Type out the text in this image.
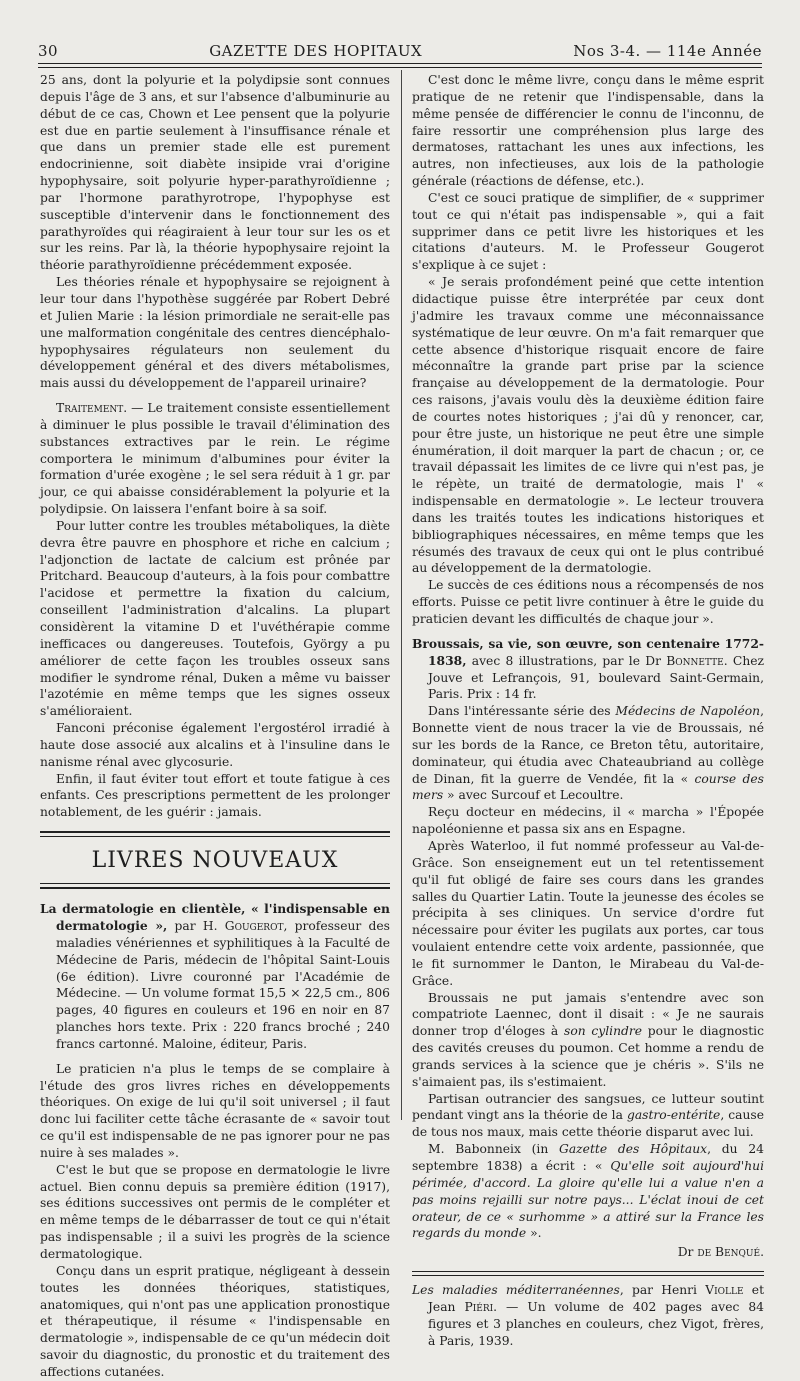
30	GAZETTE DES HOPITAUX	Nos 3-4. — 114e Année

25 ans, dont la polyurie et la polydipsie sont connues depuis l'âge de 3 ans, et sur l'absence d'albuminurie au début de ce cas, Chown et Lee pensent que la polyurie est due en partie seulement à l'insuffisance rénale et que dans un premier stade elle est purement endocrinienne, soit diabète insipide vrai d'origine hypophysaire, soit polyurie hyper-parathyroïdienne ; par l'hormone parathyrotrope, l'hypophyse est susceptible d'intervenir dans le fonctionnement des parathyroïdes qui réagiraient à leur tour sur les os et sur les reins. Par là, la théorie hypophysaire rejoint la théorie parathyroïdienne précédemment exposée.

Les théories rénale et hypophysaire se rejoignent à leur tour dans l'hypothèse suggérée par Robert Debré et Julien Marie : la lésion primordiale ne serait-elle pas une malformation congénitale des centres diencéphalo-hypophysaires régulateurs non seulement du développement général et des divers métabolismes, mais aussi du développement de l'appareil urinaire?

Traitement. — Le traitement consiste essentiellement à diminuer le plus possible le travail d'élimination des substances extractives par le rein. Le régime comportera le minimum d'albumines pour éviter la formation d'urée exogène ; le sel sera réduit à 1 gr. par jour, ce qui abaisse considérablement la polyurie et la polydipsie. On laissera l'enfant boire à sa soif.

Pour lutter contre les troubles métaboliques, la diète devra être pauvre en phosphore et riche en calcium ; l'adjonction de lactate de calcium est prônée par Pritchard. Beaucoup d'auteurs, à la fois pour combattre l'acidose et permettre la fixation du calcium, conseillent l'administration d'alcalins. La plupart considèrent la vitamine D et l'uvéthérapie comme inefficaces ou dangereuses. Toutefois, György a pu améliorer de cette façon les troubles osseux sans modifier le syndrome rénal, Duken a même vu baisser l'azotémie en même temps que les signes osseux s'amélioraient.

Fanconi préconise également l'ergostérol irradié à haute dose associé aux alcalins et à l'insuline dans le nanisme rénal avec glycosurie.

Enfin, il faut éviter tout effort et toute fatigue à ces enfants. Ces prescriptions permettent de les prolonger notablement, de les guérir : jamais.

LIVRES NOUVEAUX

La dermatologie en clientèle, « l'indispensable en dermatologie », par H. Gougerot, professeur des maladies vénériennes et syphilitiques à la Faculté de Médecine de Paris, médecin de l'hôpital Saint-Louis (6e édition). Livre couronné par l'Académie de Médecine. — Un volume format 15,5 × 22,5 cm., 806 pages, 40 figures en couleurs et 196 en noir en 87 planches hors texte. Prix : 220 francs broché ; 240 francs cartonné. Maloine, éditeur, Paris.

Le praticien n'a plus le temps de se complaire à l'étude des gros livres riches en développements théoriques. On exige de lui qu'il soit universel ; il faut donc lui faciliter cette tâche écrasante de « savoir tout ce qu'il est indispensable de ne pas ignorer pour ne pas nuire à ses malades ».

C'est le but que se propose en dermatologie le livre actuel. Bien connu depuis sa première édition (1917), ses éditions successives ont permis de le compléter et en même temps de le débarrasser de tout ce qui n'était pas indispensable ; il a suivi les progrès de la science dermatologique.

Conçu dans un esprit pratique, négligeant à dessein toutes les données théoriques, statistiques, anatomiques, qui n'ont pas une application pronostique et thérapeutique, il résume « l'indispensable en dermatologie », indispensable de ce qu'un médecin doit savoir du diagnostic, du pronostic et du traitement des affections cutanées.

C'est donc le même livre, conçu dans le même esprit pratique de ne retenir que l'indispensable, dans la même pensée de différencier le connu de l'inconnu, de faire ressortir une compréhension plus large des dermatoses, rattachant les unes aux infections, les autres, non infectieuses, aux lois de la pathologie générale (réactions de défense, etc.).

C'est ce souci pratique de simplifier, de « supprimer tout ce qui n'était pas indispensable », qui a fait supprimer dans ce petit livre les historiques et les citations d'auteurs. M. le Professeur Gougerot s'explique à ce sujet :

« Je serais profondément peiné que cette intention didactique puisse être interprétée par ceux dont j'admire les travaux comme une méconnaissance systématique de leur œuvre. On m'a fait remarquer que cette absence d'historique risquait encore de faire méconnaître la grande part prise par la science française au développement de la dermatologie. Pour ces raisons, j'avais voulu dès la deuxième édition faire de courtes notes historiques ; j'ai dû y renoncer, car, pour être juste, un historique ne peut être une simple énumération, il doit marquer la part de chacun ; or, ce travail dépassait les limites de ce livre qui n'est pas, je le répète, un traité de dermatologie, mais l' « indispensable en dermatologie ». Le lecteur trouvera dans les traités toutes les indications historiques et bibliographiques nécessaires, en même temps que les résumés des travaux de ceux qui ont le plus contribué au développement de la dermatologie.

Le succès de ces éditions nous a récompensés de nos efforts. Puisse ce petit livre continuer à être le guide du praticien devant les difficultés de chaque jour ».

Broussais, sa vie, son œuvre, son centenaire 1772-1838, avec 8 illustrations, par le Dr Bonnette. Chez Jouve et Lefrançois, 91, boulevard Saint-Germain, Paris. Prix : 14 fr.

Dans l'intéressante série des Médecins de Napoléon, Bonnette vient de nous tracer la vie de Broussais, né sur les bords de la Rance, ce Breton têtu, autoritaire, dominateur, qui étudia avec Chateaubriand au collège de Dinan, fit la guerre de Vendée, fit la « course des mers » avec Surcouf et Lecoultre.

Reçu docteur en médecins, il « marcha » l'Épopée napoléonienne et passa six ans en Espagne.

Après Waterloo, il fut nommé professeur au Val-de-Grâce. Son enseignement eut un tel retentissement qu'il fut obligé de faire ses cours dans les grandes salles du Quartier Latin. Toute la jeunesse des écoles se précipita à ses cliniques. Un service d'ordre fut nécessaire pour éviter les pugilats aux portes, car tous voulaient entendre cette voix ardente, passionnée, que le fit surnommer le Danton, le Mirabeau du Val-de-Grâce.

Broussais ne put jamais s'entendre avec son compatriote Laennec, dont il disait : « Je ne saurais donner trop d'éloges à son cylindre pour le diagnostic des cavités creuses du poumon. Cet homme a rendu de grands services à la science que je chéris ». S'ils ne s'aimaient pas, ils s'estimaient.

Partisan outrancier des sangsues, ce lutteur soutint pendant vingt ans la théorie de la gastro-entérite, cause de tous nos maux, mais cette théorie disparut avec lui.

M. Babonneix (in Gazette des Hôpitaux, du 24 septembre 1838) a écrit : « Qu'elle soit aujourd'hui périmée, d'accord. La gloire qu'elle lui a value n'en a pas moins rejailli sur notre pays... L'éclat inoui de cet orateur, de ce « surhomme » a attiré sur la France les regards du monde ».

Dr de Benqué.

Les maladies méditerranéennes, par Henri Violle et Jean Piéri. — Un volume de 402 pages avec 84 figures et 3 planches en couleurs, chez Vigot, frères, à Paris, 1939.
